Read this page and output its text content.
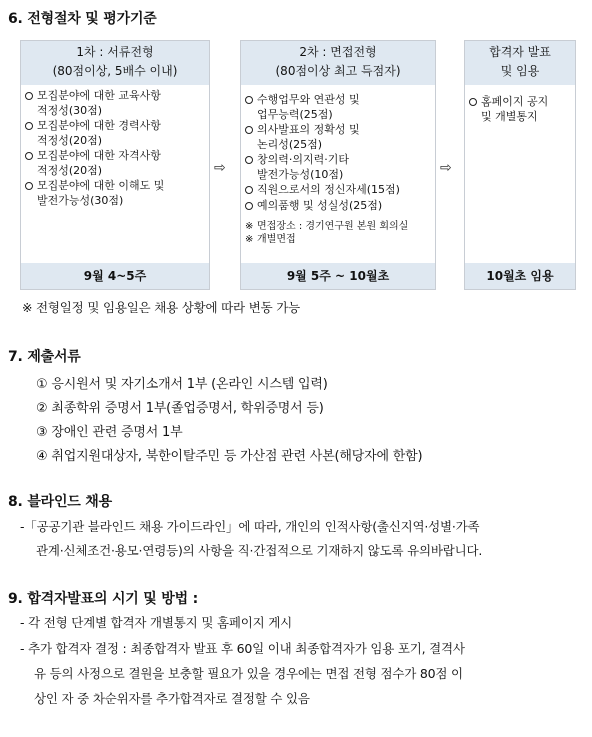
6. 전형절차 및 평가기준
1차 : 서류전형
(80점이상, 5배수 이내)
모집분야에 대한 교육사항
적정성(30점)
모집분야에 대한 경력사항
적정성(20점)
모집분야에 대한 자격사항
적정성(20점)
모집분야에 대한 이해도 및
발전가능성(30점)
9월 4~5주
⇨
2차 : 면접전형
(80점이상 최고 득점자)
수행업무와 연관성 및
업무능력(25점)
의사발표의 정확성 및
논리성(25점)
창의력·의지력·기타
발전가능성(10점)
직원으로서의 정신자세(15점)
예의품행 및 성실성(25점)
※ 면접장소 : 경기연구원 본원 회의실
※ 개별면접
9월 5주 ~ 10월초
⇨
합격자 발표
및 임용
홈페이지 공지
및 개별통지
10월초 임용
※ 전형일정 및 임용일은 채용 상황에 따라 변동 가능
7. 제출서류
① 응시원서 및 자기소개서 1부 (온라인 시스템 입력)
② 최종학위 증명서 1부(졸업증명서, 학위증명서 등)
③ 장애인 관련 증명서 1부
④ 취업지원대상자, 북한이탈주민 등 가산점 관련 사본(해당자에 한함)
8. 블라인드 채용
-「공공기관 블라인드 채용 가이드라인」에 따라, 개인의 인적사항(출신지역·성별·가족
관계·신체조건·용모·연령등)의 사항을 직·간접적으로 기재하지 않도록 유의바랍니다.
9. 합격자발표의 시기 및 방법 :
- 각 전형 단계별 합격자 개별통지 및 홈페이지 게시
- 추가 합격자 결정 : 최종합격자 발표 후 60일 이내 최종합격자가 임용 포기, 결격사
유 등의 사정으로 결원을 보충할 필요가 있을 경우에는 면접 전형 점수가 80점 이
상인 자 중 차순위자를 추가합격자로 결정할 수 있음
